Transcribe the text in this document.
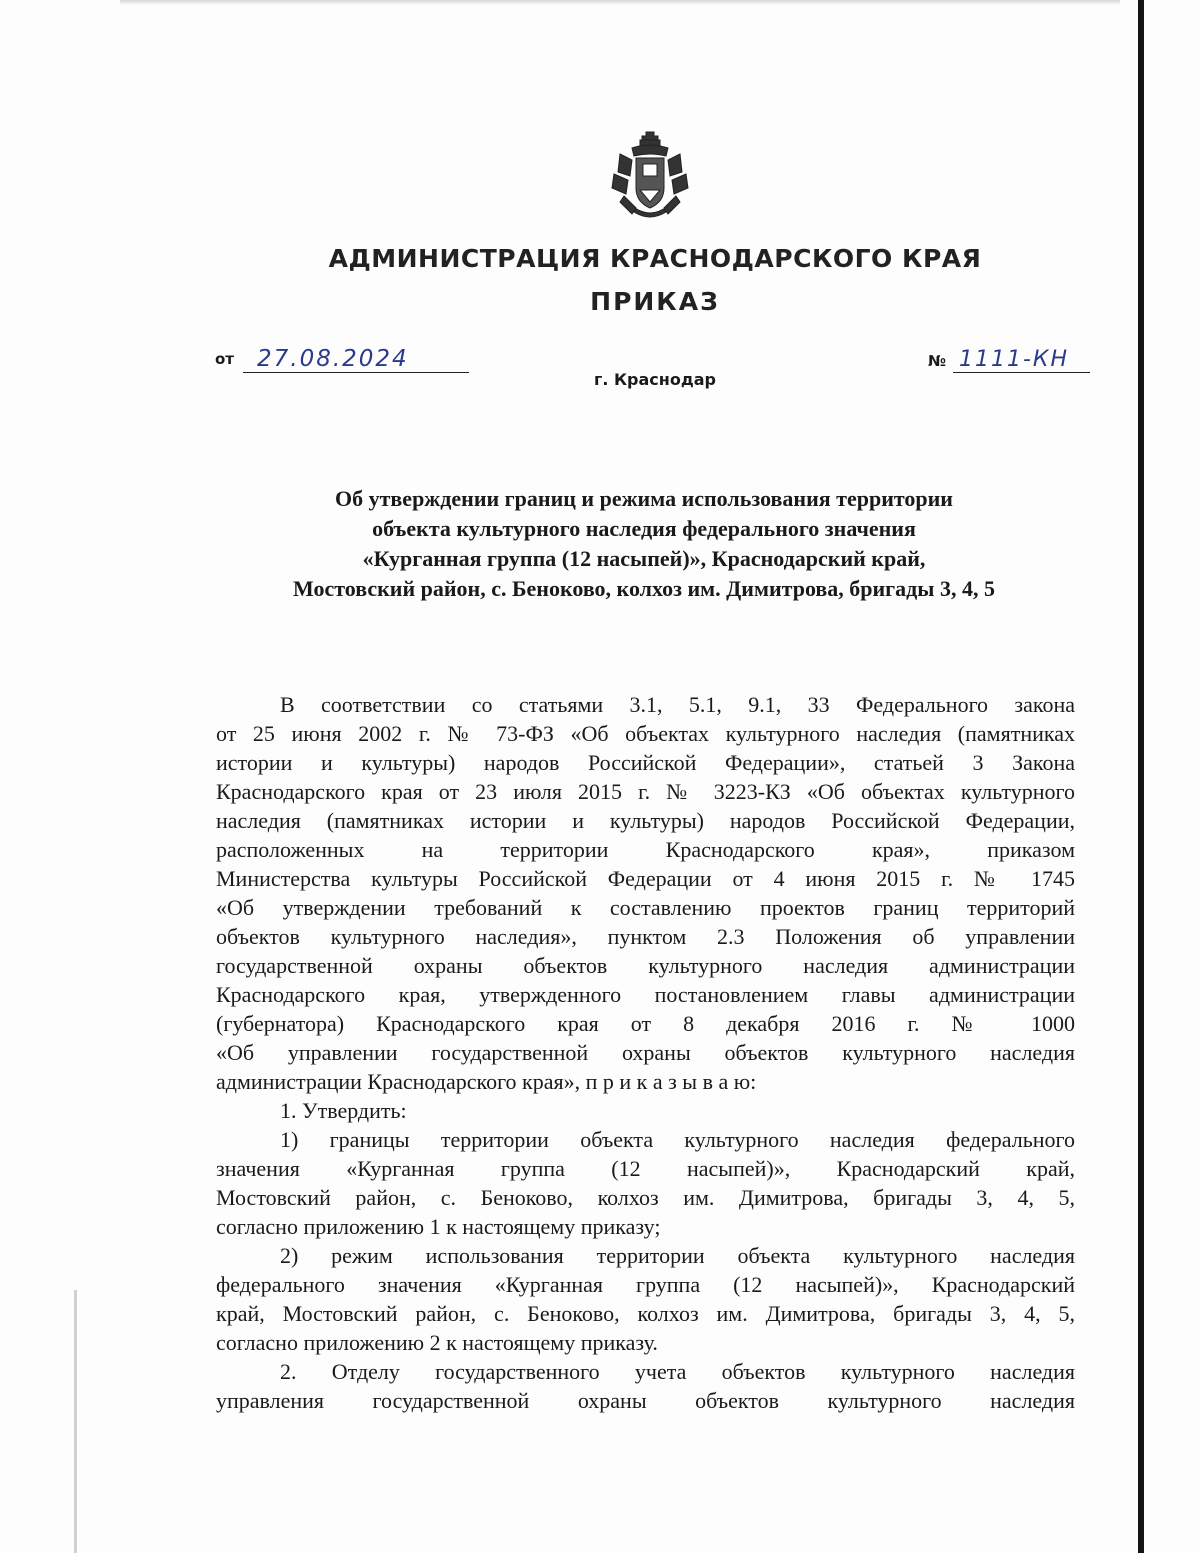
АДМИНИСТРАЦИЯ КРАСНОДАРСКОГО КРАЯ
ПРИКАЗ
от 27.08.2024	№ 1111-КН
г. Краснодар
Об утверждении границ и режима использования территории
объекта культурного наследия федерального значения
«Курганная группа (12 насыпей)», Краснодарский край,
Мостовский район, с. Беноково, колхоз им. Димитрова, бригады 3, 4, 5
В соответствии со статьями 3.1, 5.1, 9.1, 33 Федерального закона
от 25 июня 2002 г. № 73-ФЗ «Об объектах культурного наследия (памятниках
истории и культуры) народов Российской Федерации», статьей 3 Закона
Краснодарского края от 23 июля 2015 г. № 3223-КЗ «Об объектах культурного
наследия (памятниках истории и культуры) народов Российской Федерации,
расположенных на территории Краснодарского края», приказом
Министерства культуры Российской Федерации от 4 июня 2015 г. № 1745
«Об утверждении требований к составлению проектов границ территорий
объектов культурного наследия», пунктом 2.3 Положения об управлении
государственной охраны объектов культурного наследия администрации
Краснодарского края, утвержденного постановлением главы администрации
(губернатора) Краснодарского края от 8 декабря 2016 г. № 1000
«Об управлении государственной охраны объектов культурного наследия
администрации Краснодарского края», п р и к а з ы в а ю:
1. Утвердить:
1) границы территории объекта культурного наследия федерального
значения «Курганная группа (12 насыпей)», Краснодарский край,
Мостовский район, с. Беноково, колхоз им. Димитрова, бригады 3, 4, 5,
согласно приложению 1 к настоящему приказу;
2) режим использования территории объекта культурного наследия
федерального значения «Курганная группа (12 насыпей)», Краснодарский
край, Мостовский район, с. Беноково, колхоз им. Димитрова, бригады 3, 4, 5,
согласно приложению 2 к настоящему приказу.
2. Отделу государственного учета объектов культурного наследия
управления государственной охраны объектов культурного наследия
